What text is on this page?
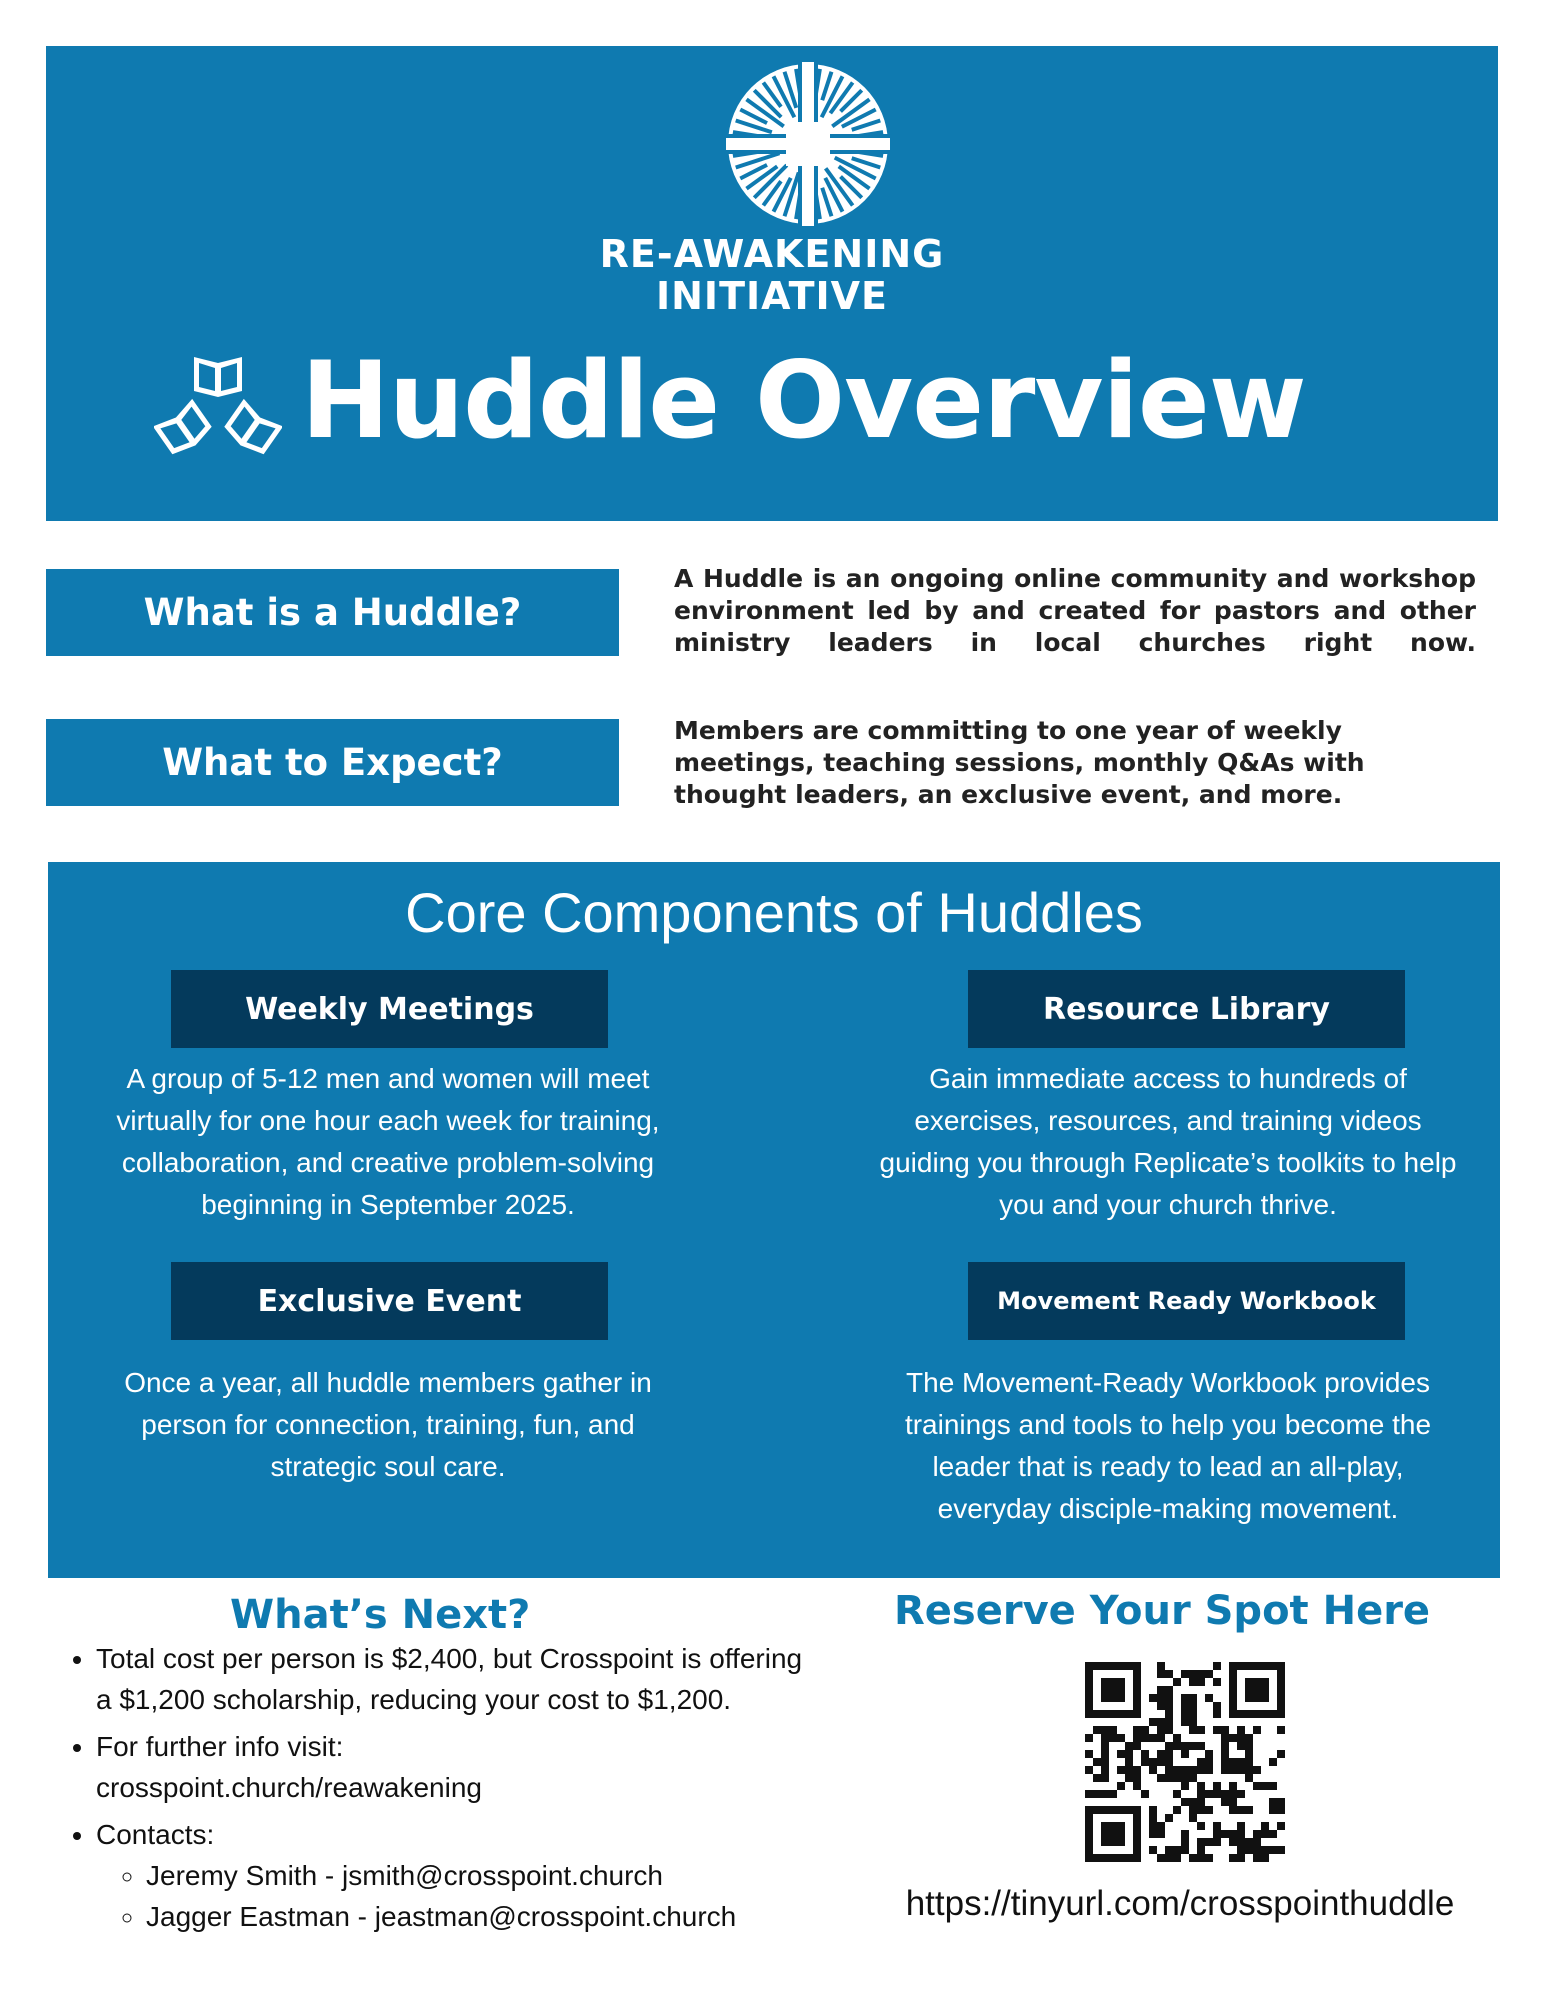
RE-AWAKENING
INITIATIVE
Huddle Overview
What is a Huddle?
A Huddle is an ongoing online community and workshop environment led by and created for pastors and other ministry leaders in local churches right now.
What to Expect?
Members are committing to one year of weekly meetings, teaching sessions, monthly Q&As with thought leaders, an exclusive event, and more.
Core Components of Huddles
Weekly Meetings
A group of 5-12 men and women will meet virtually for one hour each week for training, collaboration, and creative problem-solving beginning in September 2025.
Resource Library
Gain immediate access to hundreds of exercises, resources, and training videos guiding you through Replicate’s toolkits to help you and your church thrive.
Exclusive Event
Once a year, all huddle members gather in person for connection, training, fun, and strategic soul care.
Movement Ready Workbook
The Movement-Ready Workbook provides trainings and tools to help you become the leader that is ready to lead an all-play, everyday disciple-making movement.
What’s Next?	Reserve Your Spot Here
• Total cost per person is $2,400, but Crosspoint is offering a $1,200 scholarship, reducing your cost to $1,200.
• For further info visit:
crosspoint.church/reawakening
• Contacts:
◦ Jeremy Smith - jsmith@crosspoint.church
◦ Jagger Eastman - jeastman@crosspoint.church	https://tinyurl.com/crosspointhuddle
